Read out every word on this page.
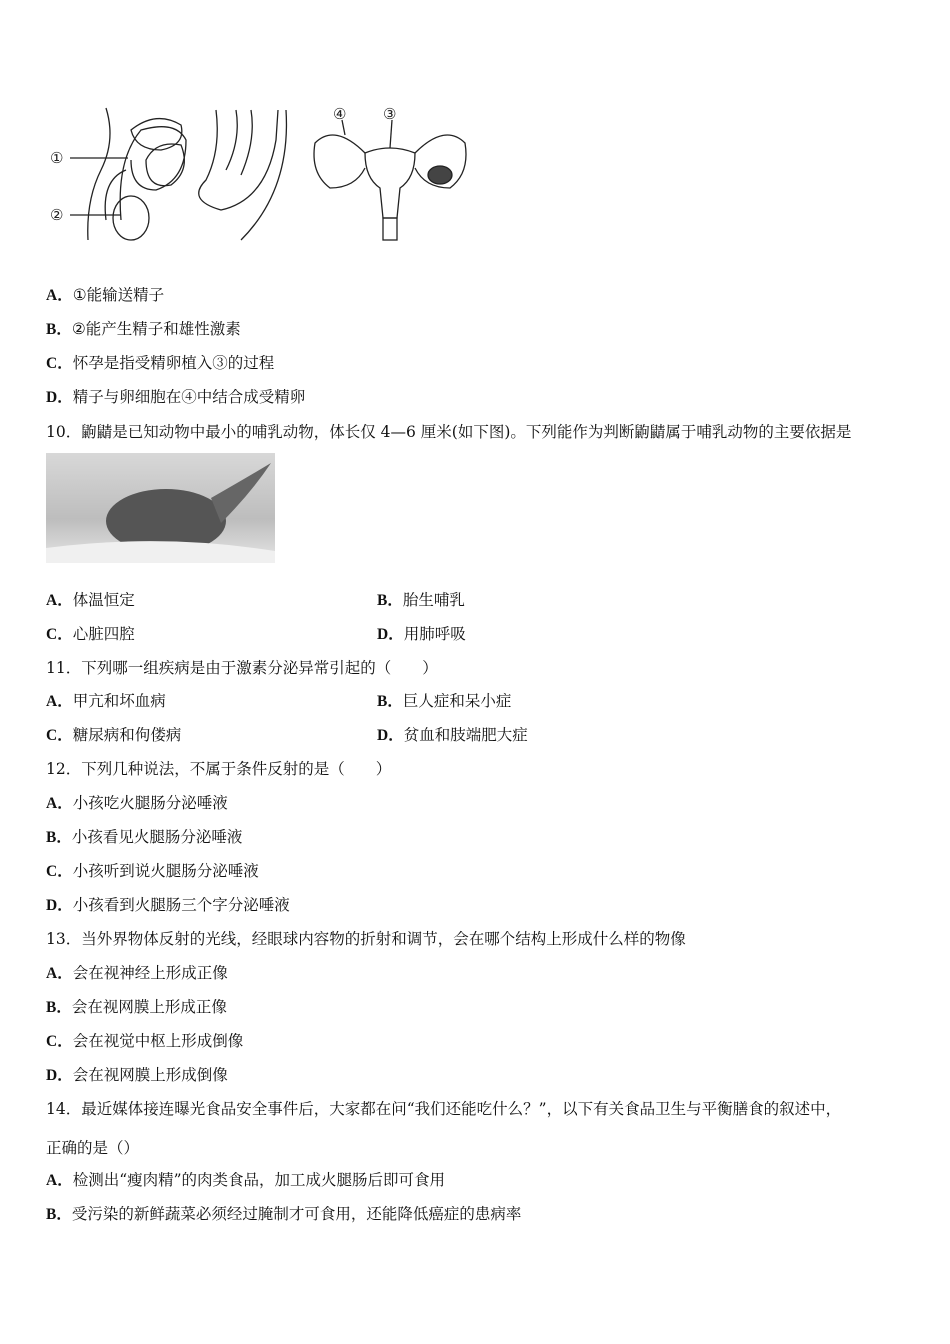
①
②
④ ③
A．①能输送精子
B．②能产生精子和雄性激素
C．怀孕是指受精卵植入③的过程
D．精子与卵细胞在④中结合成受精卵
10．鼩鼱是已知动物中最小的哺乳动物，体长仅 4—6 厘米(如下图)。下列能作为判断鼩鼱属于哺乳动物的主要依据是
A．体温恒定	B．胎生哺乳
C．心脏四腔	D．用肺呼吸
11．下列哪一组疾病是由于激素分泌异常引起的（　　）
A．甲亢和坏血病	B．巨人症和呆小症
C．糖尿病和佝偻病	D．贫血和肢端肥大症
12．下列几种说法，不属于条件反射的是（　　）
A．小孩吃火腿肠分泌唾液
B．小孩看见火腿肠分泌唾液
C．小孩听到说火腿肠分泌唾液
D．小孩看到火腿肠三个字分泌唾液
13．当外界物体反射的光线，经眼球内容物的折射和调节，会在哪个结构上形成什么样的物像
A．会在视神经上形成正像
B．会在视网膜上形成正像
C．会在视觉中枢上形成倒像
D．会在视网膜上形成倒像
14．最近媒体接连曝光食品安全事件后，大家都在问“我们还能吃什么？”，以下有关食品卫生与平衡膳食的叙述中，
正确的是（）
A．检测出“瘦肉精”的肉类食品，加工成火腿肠后即可食用
B．受污染的新鲜蔬菜必须经过腌制才可食用，还能降低癌症的患病率
